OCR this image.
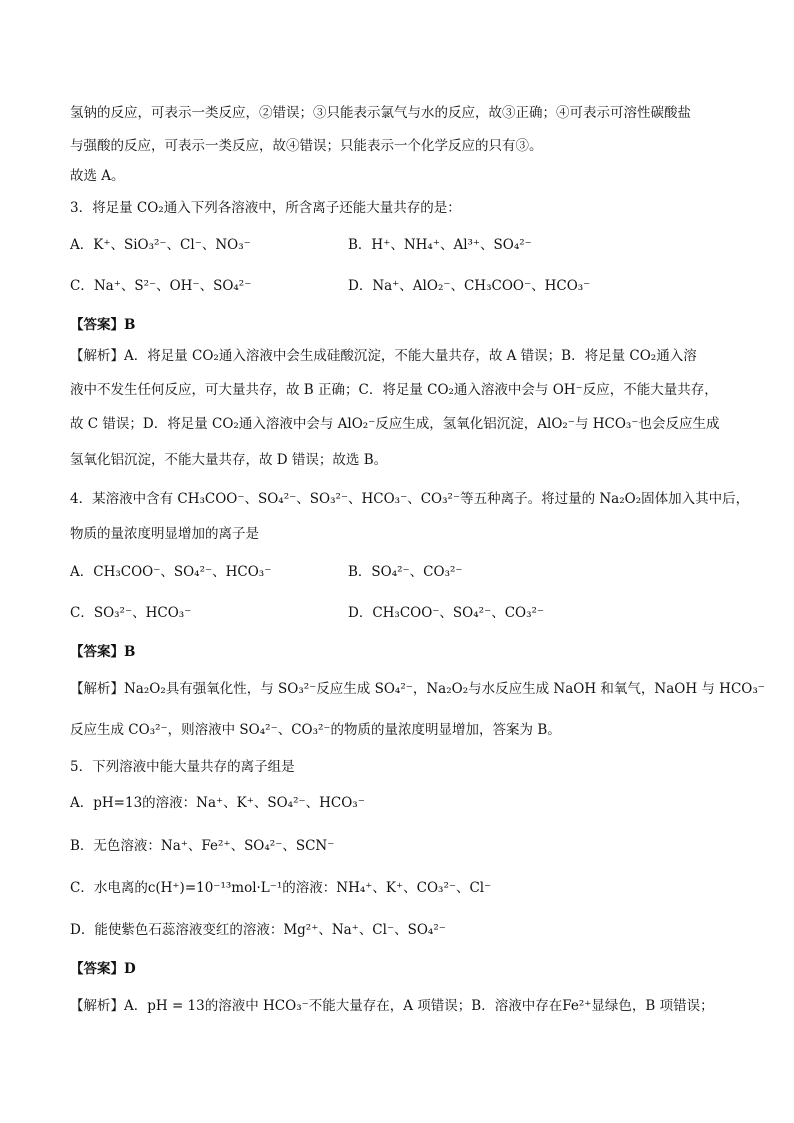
氢钠的反应，可表示一类反应，②错误；③只能表示氯气与水的反应，故③正确；④可表示可溶性碳酸盐
与强酸的反应，可表示一类反应，故④错误；只能表示一个化学反应的只有③。
故选 A。
3．将足量 CO₂通入下列各溶液中，所含离子还能大量共存的是：
A．K⁺、SiO₃²⁻、Cl⁻、NO₃⁻	B．H⁺、NH₄⁺、Al³⁺、SO₄²⁻
C．Na⁺、S²⁻、OH⁻、SO₄²⁻	D．Na⁺、AlO₂⁻、CH₃COO⁻、HCO₃⁻
【答案】B
【解析】A．将足量 CO₂通入溶液中会生成硅酸沉淀，不能大量共存，故 A 错误；B．将足量 CO₂通入溶
液中不发生任何反应，可大量共存，故 B 正确；C．将足量 CO₂通入溶液中会与 OH⁻反应，不能大量共存，
故 C 错误；D．将足量 CO₂通入溶液中会与 AlO₂⁻反应生成，氢氧化铝沉淀，AlO₂⁻与 HCO₃⁻也会反应生成
氢氧化铝沉淀，不能大量共存，故 D 错误；故选 B。
4．某溶液中含有 CH₃COO⁻、SO₄²⁻、SO₃²⁻、HCO₃⁻、CO₃²⁻等五种离子。将过量的 Na₂O₂固体加入其中后，
物质的量浓度明显增加的离子是
A．CH₃COO⁻、SO₄²⁻、HCO₃⁻	B．SO₄²⁻、CO₃²⁻
C．SO₃²⁻、HCO₃⁻	D．CH₃COO⁻、SO₄²⁻、CO₃²⁻
【答案】B
【解析】Na₂O₂具有强氧化性，与 SO₃²⁻反应生成 SO₄²⁻，Na₂O₂与水反应生成 NaOH 和氧气，NaOH 与 HCO₃⁻
反应生成 CO₃²⁻，则溶液中 SO₄²⁻、CO₃²⁻的物质的量浓度明显增加，答案为 B。
5．下列溶液中能大量共存的离子组是
A．pH=13的溶液：Na⁺、K⁺、SO₄²⁻、HCO₃⁻
B．无色溶液：Na⁺、Fe²⁺、SO₄²⁻、SCN⁻
C．水电离的c(H⁺)=10⁻¹³mol·L⁻¹的溶液：NH₄⁺、K⁺、CO₃²⁻、Cl⁻
D．能使紫色石蕊溶液变红的溶液：Mg²⁺、Na⁺、Cl⁻、SO₄²⁻
【答案】D
【解析】A．pH = 13的溶液中 HCO₃⁻不能大量存在，A 项错误；B．溶液中存在Fe²⁺显绿色，B 项错误；
